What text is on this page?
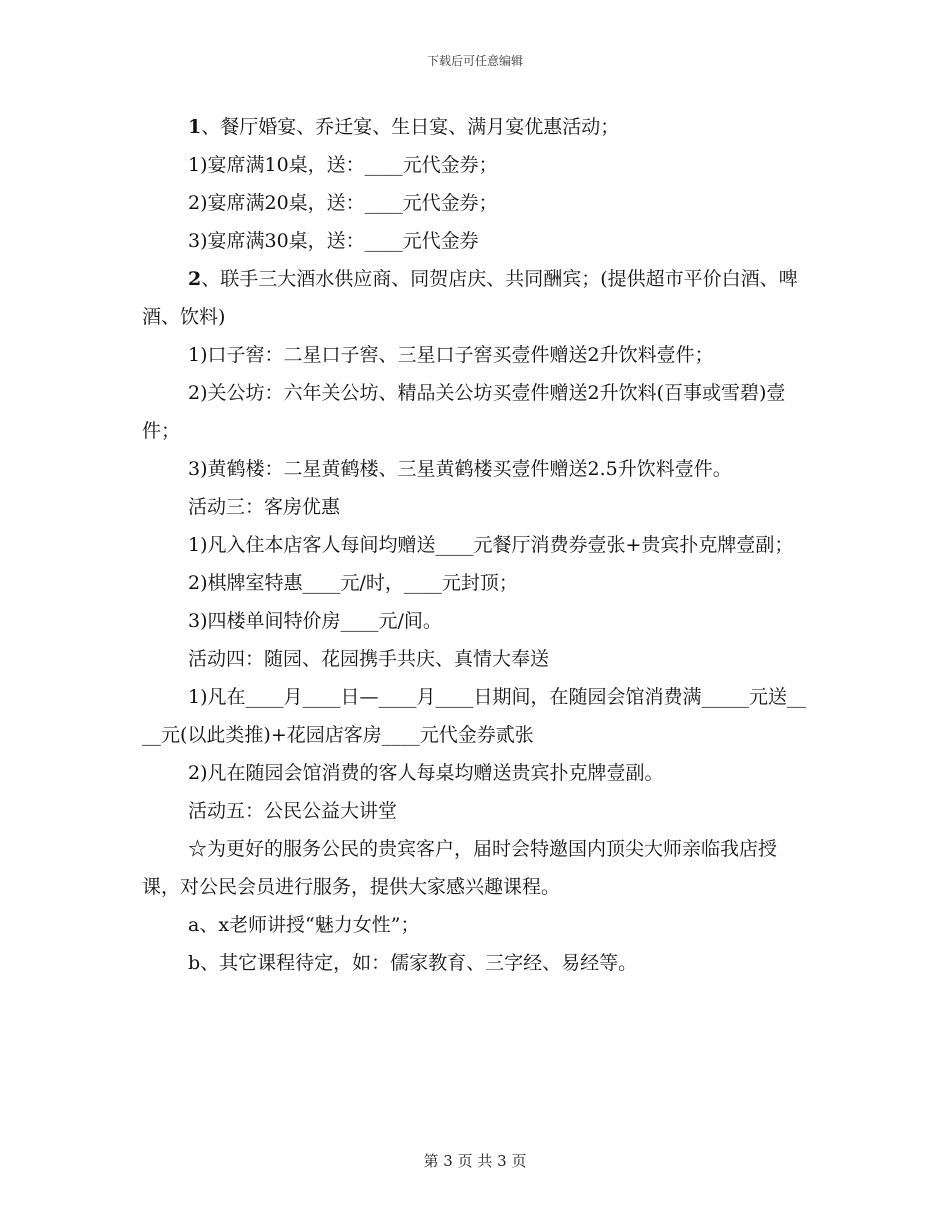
下载后可任意编辑

1、餐厅婚宴、乔迁宴、生日宴、满月宴优惠活动；

1)宴席满10桌，送：____元代金券；

2)宴席满20桌，送：____元代金券；

3)宴席满30桌，送：____元代金券

2、联手三大酒水供应商、同贺店庆、共同酬宾；(提供超市平价白酒、啤酒、饮料)

1)口子窖：二星口子窖、三星口子窖买壹件赠送2升饮料壹件；

2)关公坊：六年关公坊、精品关公坊买壹件赠送2升饮料(百事或雪碧)壹件；

3)黄鹤楼：二星黄鹤楼、三星黄鹤楼买壹件赠送2.5升饮料壹件。

活动三：客房优惠

1)凡入住本店客人每间均赠送____元餐厅消费券壹张+贵宾扑克牌壹副；

2)棋牌室特惠____元/时，____元封顶；

3)四楼单间特价房____元/间。

活动四：随园、花园携手共庆、真情大奉送

1)凡在____月____日—____月____日期间，在随园会馆消费满_____元送____元(以此类推)+花园店客房____元代金券贰张

2)凡在随园会馆消费的客人每桌均赠送贵宾扑克牌壹副。

活动五：公民公益大讲堂

☆为更好的服务公民的贵宾客户，届时会特邀国内顶尖大师亲临我店授课，对公民会员进行服务，提供大家感兴趣课程。

a、x老师讲授“魅力女性”；

b、其它课程待定，如：儒家教育、三字经、易经等。

第 3 页 共 3 页
